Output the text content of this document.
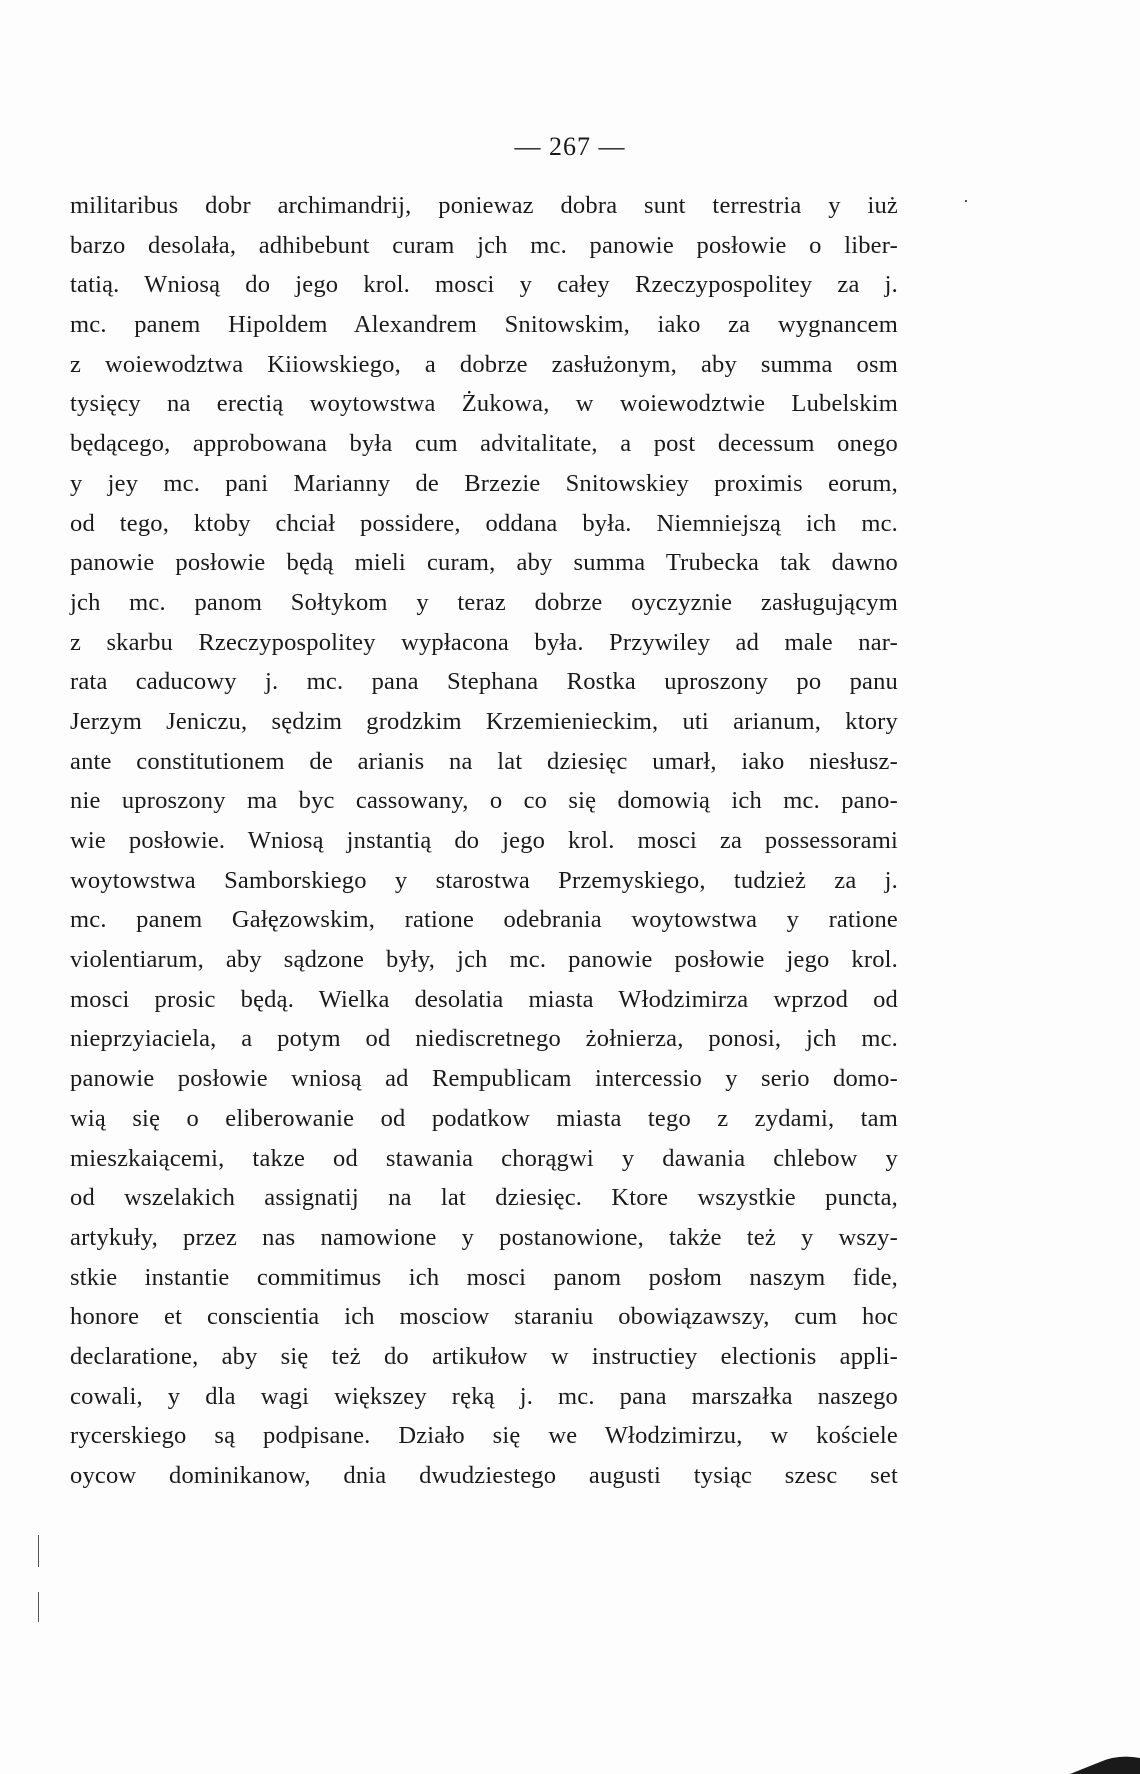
— 267 —
militaribus dobr archimandrij, poniewaz dobra sunt terrestria y iuż
barzo desolała, adhibebunt curam jch mc. panowie posłowie o liber-
tatią. Wniosą do jego krol. mosci y całey Rzeczypospolitey za j.
mc. panem Hipoldem Alexandrem Snitowskim, iako za wygnancem
z woiewodztwa Kiiowskiego, a dobrze zasłużonym, aby summa osm
tysięcy na erectią woytowstwa Żukowa, w woiewodztwie Lubelskim
będącego, approbowana była cum advitalitate, a post decessum onego
y jey mc. pani Marianny de Brzezie Snitowskiey proximis eorum,
od tego, ktoby chciał possidere, oddana była. Niemniejszą ich mc.
panowie posłowie będą mieli curam, aby summa Trubecka tak dawno
jch mc. panom Sołtykom y teraz dobrze oyczyznie zasługującym
z skarbu Rzeczypospolitey wypłacona była. Przywiley ad male nar-
rata caducowy j. mc. pana Stephana Rostka uproszony po panu
Jerzym Jeniczu, sędzim grodzkim Krzemienieckim, uti arianum, ktory
ante constitutionem de arianis na lat dziesięc umarł, iako niesłusz-
nie uproszony ma byc cassowany, o co się domowią ich mc. pano-
wie posłowie. Wniosą jnstantią do jego krol. mosci za possessorami
woytowstwa Samborskiego y starostwa Przemyskiego, tudzież za j.
mc. panem Gałęzowskim, ratione odebrania woytowstwa y ratione
violentiarum, aby sądzone były, jch mc. panowie posłowie jego krol.
mosci prosic będą. Wielka desolatia miasta Włodzimirza wprzod od
nieprzyiaciela, a potym od niediscretnego żołnierza, ponosi, jch mc.
panowie posłowie wniosą ad Rempublicam intercessio y serio domo-
wią się o eliberowanie od podatkow miasta tego z zydami, tam
mieszkaiącemi, takze od stawania chorągwi y dawania chlebow y
od wszelakich assignatij na lat dziesięc. Ktore wszystkie puncta,
artykuły, przez nas namowione y postanowione, także też y wszy-
stkie instantie commitimus ich mosci panom posłom naszym fide,
honore et conscientia ich mosciow staraniu obowiązawszy, cum hoc
declaratione, aby się też do artikułow w instructiey electionis appli-
cowali, y dla wagi większey ręką j. mc. pana marszałka naszego
rycerskiego są podpisane. Działo się we Włodzimirzu, w kościele
oycow dominikanow, dnia dwudziestego augusti tysiąc szesc set
